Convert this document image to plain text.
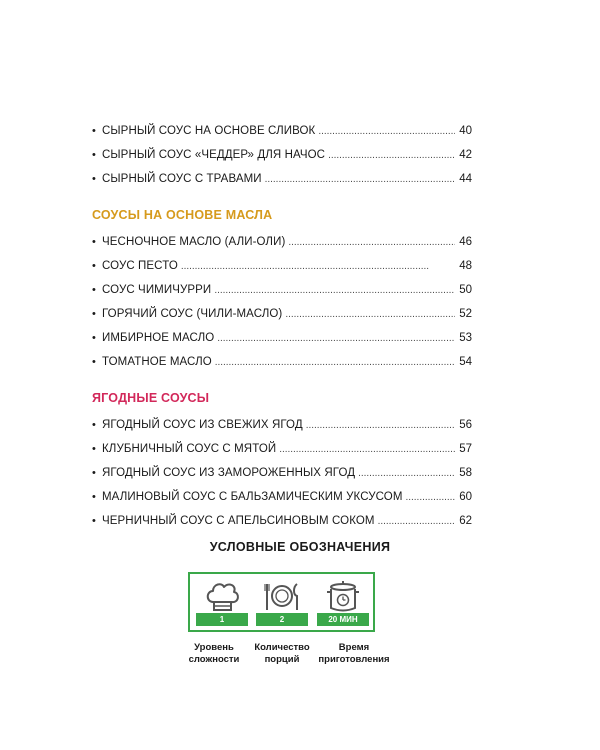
• СЫРНЫЙ СОУС НА ОСНОВЕ СЛИВОК . . .	40
• СЫРНЫЙ СОУС «ЧЕДДЕР» ДЛЯ НАЧОС . . .	42
• СЫРНЫЙ СОУС С ТРАВАМИ . . .	44
СОУСЫ НА ОСНОВЕ МАСЛА
• ЧЕСНОЧНОЕ МАСЛО (АЛИ-ОЛИ) . . .	46
• СОУС ПЕСТО . . .	48
• СОУС ЧИМИЧУРРИ . . .	50
• ГОРЯЧИЙ СОУС (ЧИЛИ-МАСЛО) . . .	52
• ИМБИРНОЕ МАСЛО . . .	53
• ТОМАТНОЕ МАСЛО . . .	54
ЯГОДНЫЕ СОУСЫ
• ЯГОДНЫЙ СОУС ИЗ СВЕЖИХ ЯГОД . . .	56
• КЛУБНИЧНЫЙ СОУС С МЯТОЙ . . .	57
• ЯГОДНЫЙ СОУС ИЗ ЗАМОРОЖЕННЫХ ЯГОД . . .	58
• МАЛИНОВЫЙ СОУС С БАЛЬЗАМИЧЕСКИМ УКСУСОМ . . .	60
• ЧЕРНИЧНЫЙ СОУС С АПЕЛЬСИНОВЫМ СОКОМ . . .	62
УСЛОВНЫЕ ОБОЗНАЧЕНИЯ
1	2	20 МИН
Уровень
сложности
Количество
порций
Время
приготовления
